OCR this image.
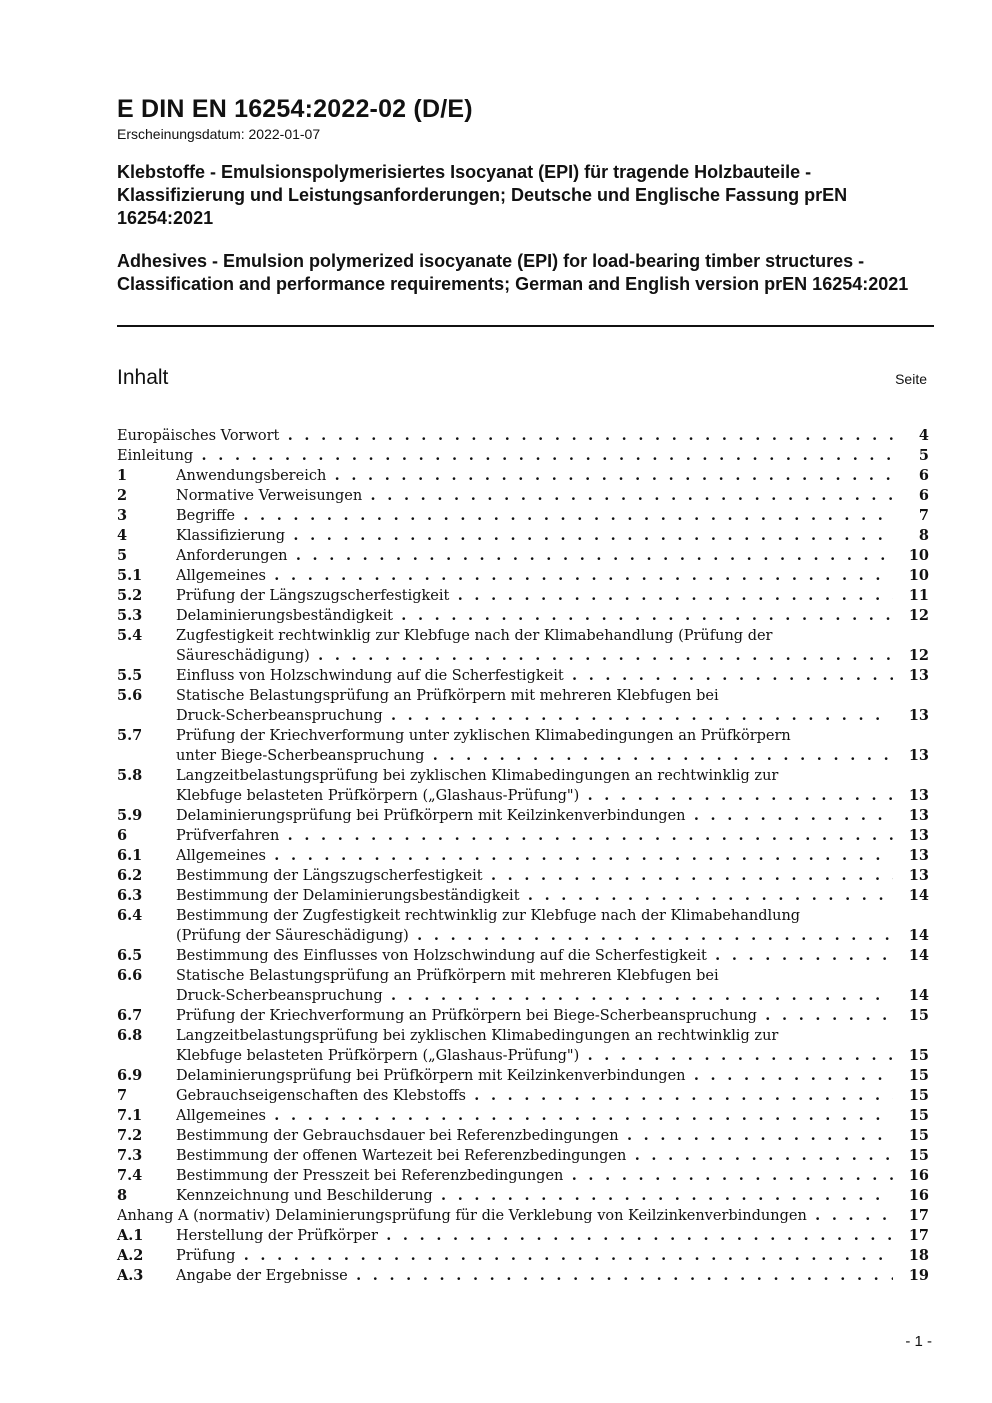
E DIN EN 16254:2022-02 (D/E)
Erscheinungsdatum: 2022-01-07
Klebstoffe - Emulsionspolymerisiertes Isocyanat (EPI) für tragende Holzbauteile - Klassifizierung und Leistungsanforderungen; Deutsche und Englische Fassung prEN 16254:2021
Adhesives - Emulsion polymerized isocyanate (EPI) for load-bearing timber structures - Classification and performance requirements; German and English version prEN 16254:2021
Inhalt	Seite
Europäisches Vorwort . . .	4
Einleitung . . .	5
1	Anwendungsbereich . . .	6
2	Normative Verweisungen . . .	6
3	Begriffe . . .	7
4	Klassifizierung . . .	8
5	Anforderungen . . .	10
5.1	Allgemeines . . .	10
5.2	Prüfung der Längszugscherfestigkeit . . .	11
5.3	Delaminierungsbeständigkeit . . .	12
5.4	Zugfestigkeit rechtwinklig zur Klebfuge nach der Klimabehandlung (Prüfung der
Säureschädigung) . . .	12
5.5	Einfluss von Holzschwindung auf die Scherfestigkeit . . .	13
5.6	Statische Belastungsprüfung an Prüfkörpern mit mehreren Klebfugen bei
Druck-Scherbeanspruchung . . .	13
5.7	Prüfung der Kriechverformung unter zyklischen Klimabedingungen an Prüfkörpern
unter Biege-Scherbeanspruchung . . .	13
5.8	Langzeitbelastungsprüfung bei zyklischen Klimabedingungen an rechtwinklig zur
Klebfuge belasteten Prüfkörpern („Glashaus-Prüfung") . . .	13
5.9	Delaminierungsprüfung bei Prüfkörpern mit Keilzinkenverbindungen . . .	13
6	Prüfverfahren . . .	13
6.1	Allgemeines . . .	13
6.2	Bestimmung der Längszugscherfestigkeit . . .	13
6.3	Bestimmung der Delaminierungsbeständigkeit . . .	14
6.4	Bestimmung der Zugfestigkeit rechtwinklig zur Klebfuge nach der Klimabehandlung
(Prüfung der Säureschädigung) . . .	14
6.5	Bestimmung des Einflusses von Holzschwindung auf die Scherfestigkeit . . .	14
6.6	Statische Belastungsprüfung an Prüfkörpern mit mehreren Klebfugen bei
Druck-Scherbeanspruchung . . .	14
6.7	Prüfung der Kriechverformung an Prüfkörpern bei Biege-Scherbeanspruchung . . .	15
6.8	Langzeitbelastungsprüfung bei zyklischen Klimabedingungen an rechtwinklig zur
Klebfuge belasteten Prüfkörpern („Glashaus-Prüfung") . . .	15
6.9	Delaminierungsprüfung bei Prüfkörpern mit Keilzinkenverbindungen . . .	15
7	Gebrauchseigenschaften des Klebstoffs . . .	15
7.1	Allgemeines . . .	15
7.2	Bestimmung der Gebrauchsdauer bei Referenzbedingungen . . .	15
7.3	Bestimmung der offenen Wartezeit bei Referenzbedingungen . . .	15
7.4	Bestimmung der Presszeit bei Referenzbedingungen . . .	16
8	Kennzeichnung und Beschilderung . . .	16
Anhang A (normativ) Delaminierungsprüfung für die Verklebung von Keilzinkenverbindungen . . .	17
A.1	Herstellung der Prüfkörper . . .	17
A.2	Prüfung . . .	18
A.3	Angabe der Ergebnisse . . .	19
- 1 -
